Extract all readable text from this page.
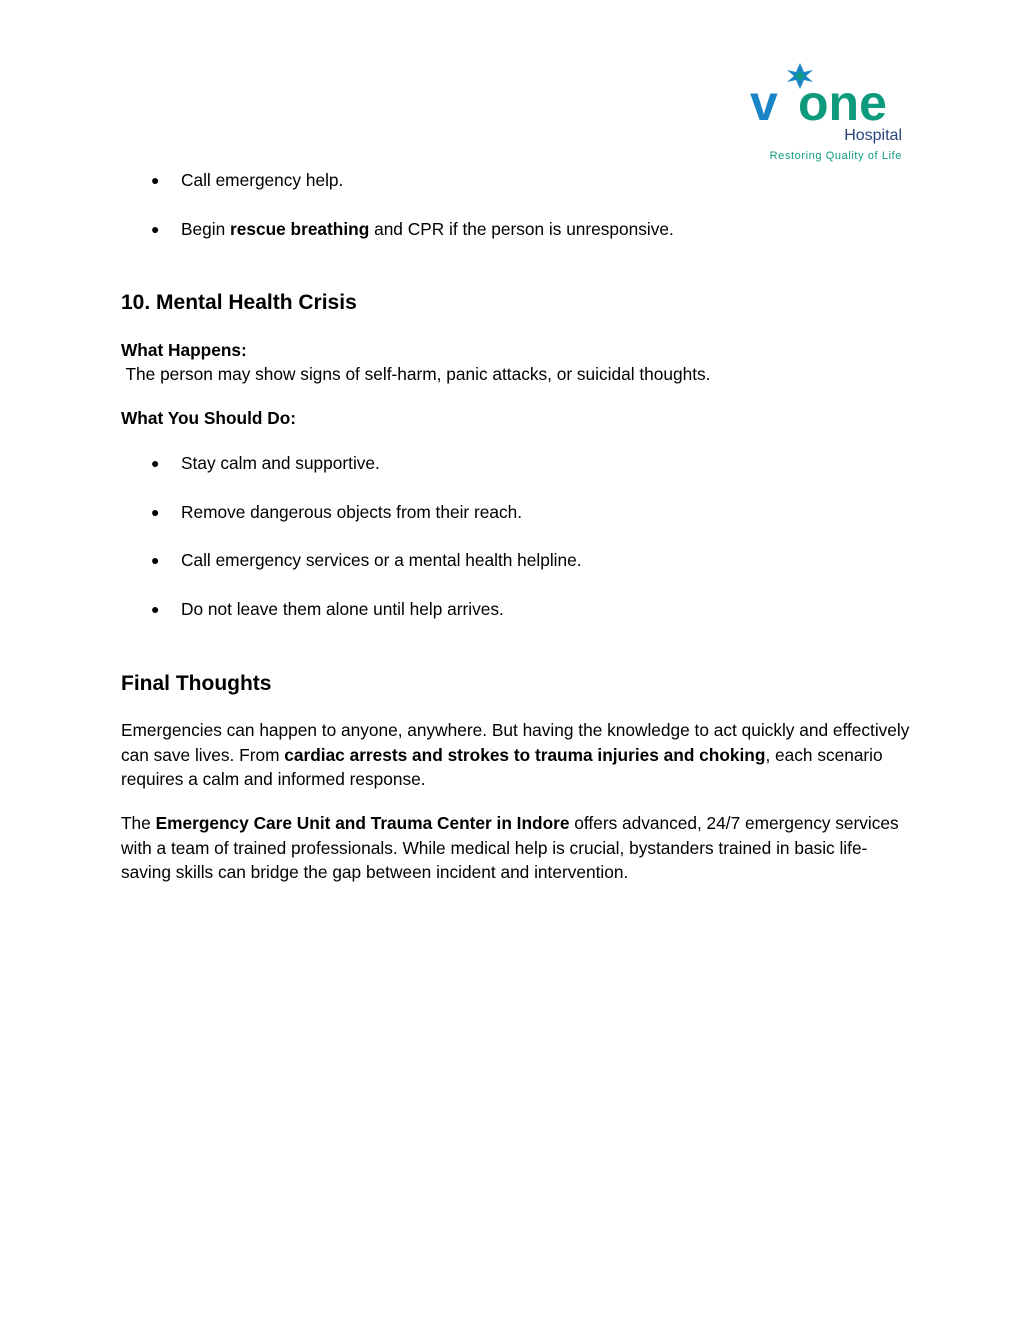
v one
Hospital
Restoring Quality of Life
●	Call emergency help.
●	Begin rescue breathing and CPR if the person is unresponsive.
10. Mental Health Crisis
What Happens:
The person may show signs of self-harm, panic attacks, or suicidal thoughts.
What You Should Do:
●	Stay calm and supportive.
●	Remove dangerous objects from their reach.
●	Call emergency services or a mental health helpline.
●	Do not leave them alone until help arrives.
Final Thoughts
Emergencies can happen to anyone, anywhere. But having the knowledge to act quickly and effectively can save lives. From cardiac arrests and strokes to trauma injuries and choking, each scenario requires a calm and informed response.
The Emergency Care Unit and Trauma Center in Indore offers advanced, 24/7 emergency services with a team of trained professionals. While medical help is crucial, bystanders trained in basic life-saving skills can bridge the gap between incident and intervention.
